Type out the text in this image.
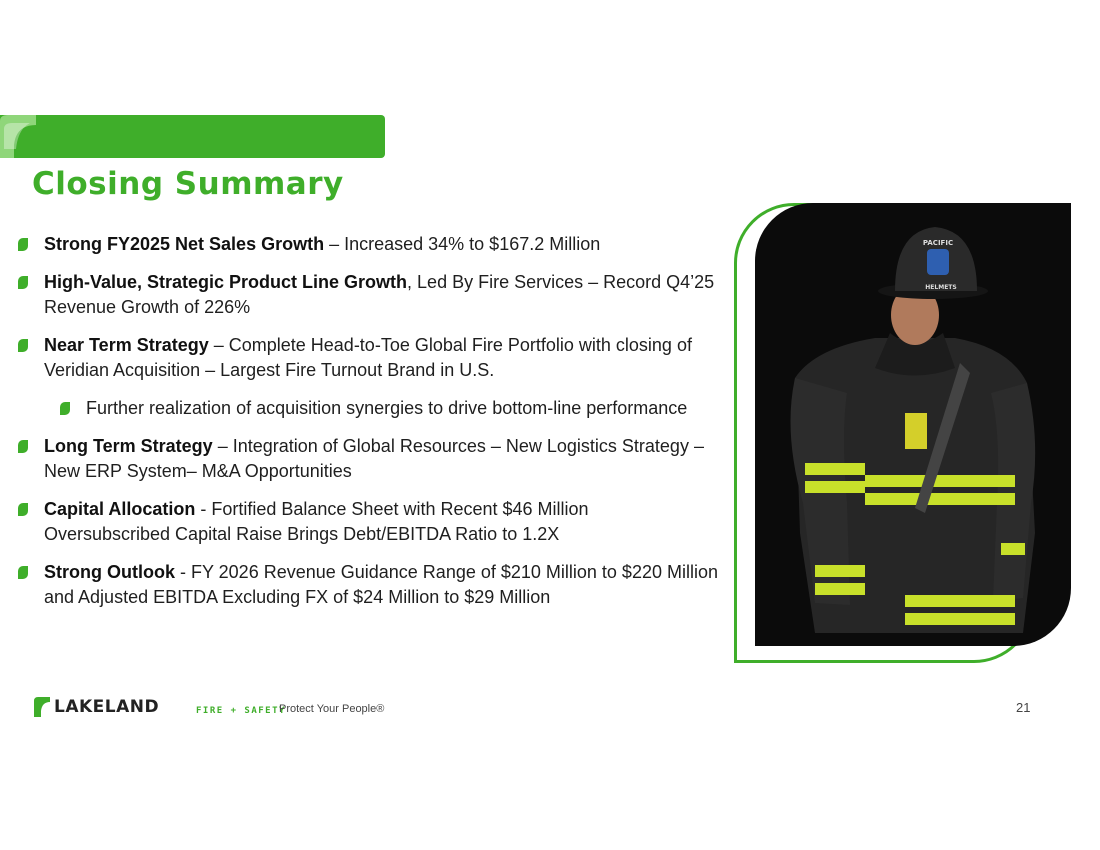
Closing Summary
Strong FY2025 Net Sales Growth – Increased 34% to $167.2 Million
High-Value, Strategic Product Line Growth, Led By Fire Services – Record Q4’25 Revenue Growth of 226%
Near Term Strategy – Complete Head-to-Toe Global Fire Portfolio with closing of Veridian Acquisition – Largest Fire Turnout Brand in U.S.
Further realization of acquisition synergies to drive bottom-line performance
Long Term Strategy – Integration of Global Resources – New Logistics Strategy – New ERP System– M&A Opportunities
Capital Allocation - Fortified Balance Sheet with Recent $46 Million Oversubscribed Capital Raise Brings Debt/EBITDA Ratio to 1.2X
Strong Outlook - FY 2026 Revenue Guidance Range of $210 Million to $220 Million and Adjusted EBITDA Excluding FX of $24 Million to $29 Million
PACIFIC
HELMETS
LAKELAND	FIRE + SAFETY
Protect Your People®	21
